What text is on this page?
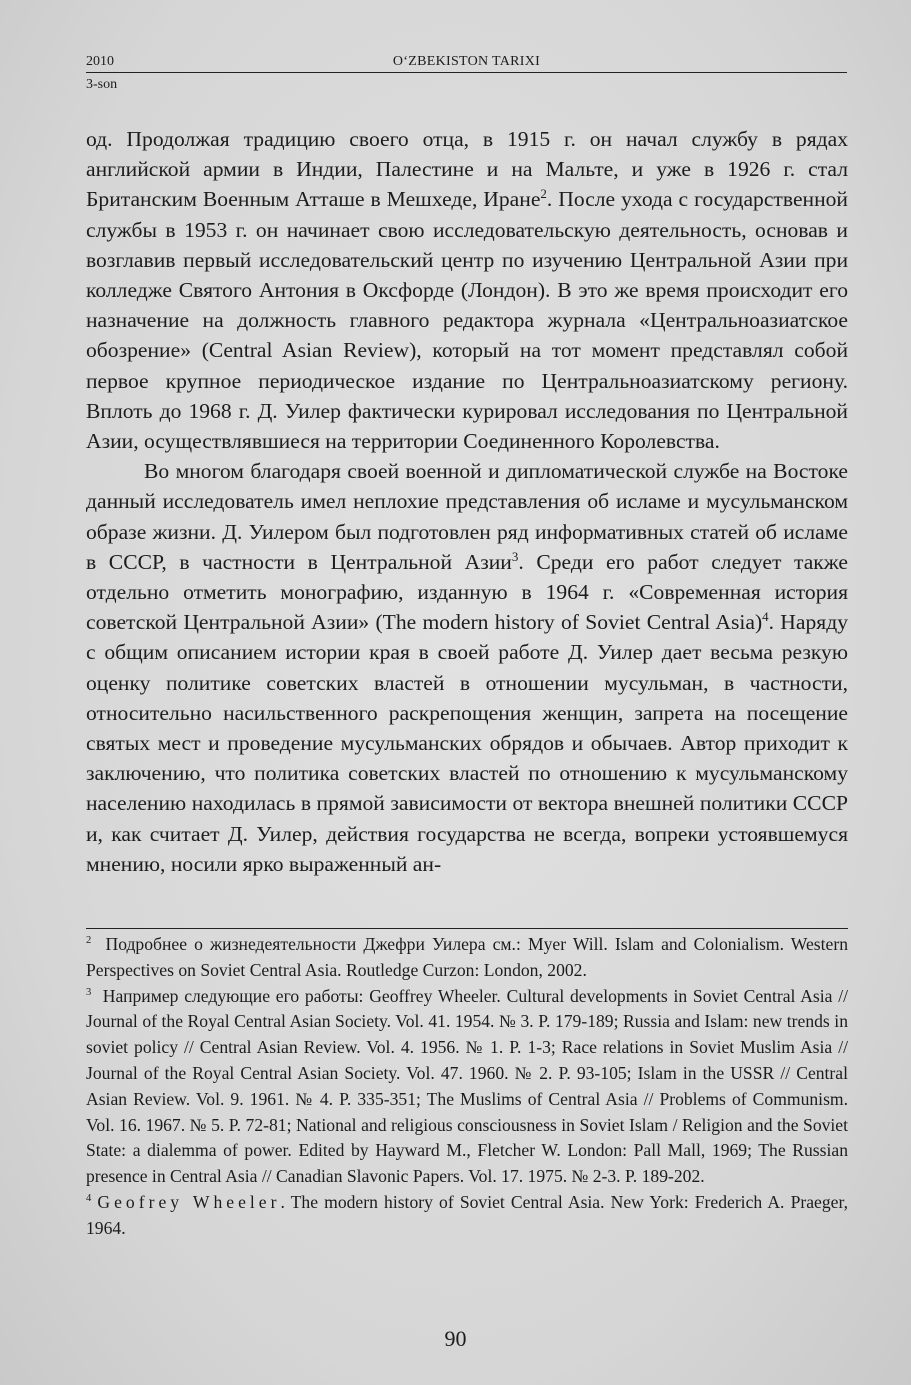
2010	O‘ZBEKISTON TARIXI
3-son

од. Продолжая традицию своего отца, в 1915 г. он начал службу в рядах английской армии в Индии, Палестине и на Мальте, и уже в 1926 г. стал Британским Военным Атташе в Мешхеде, Иране$^2$. После ухода с государственной службы в 1953 г. он начинает свою исследовательскую деятельность, основав и возглавив первый исследовательский центр по изучению Центральной Азии при колледже Святого Антония в Оксфорде (Лондон). В это же время происходит его назначение на должность главного редактора журнала «Центральноазиатское обозрение» (Central Asian Review), который на тот момент представлял собой первое крупное периодическое издание по Центральноазиатскому региону. Вплоть до 1968 г. Д. Уилер фактически курировал исследования по Центральной Азии, осуществлявшиеся на территории Соединенного Королевства.

Во многом благодаря своей военной и дипломатической службе на Востоке данный исследователь имел неплохие представления об исламе и мусульманском образе жизни. Д. Уилером был подготовлен ряд информативных статей об исламе в СССР, в частности в Центральной Азии$^3$. Среди его работ следует также отдельно отметить монографию, изданную в 1964 г. «Современная история советской Центральной Азии» (The modern history of Soviet Central Asia)$^4$. Наряду с общим описанием истории края в своей работе Д. Уилер дает весьма резкую оценку политике советских властей в отношении мусульман, в частности, относительно насильственного раскрепощения женщин, запрета на посещение святых мест и проведение мусульманских обрядов и обычаев. Автор приходит к заключению, что политика советских властей по отношению к мусульманскому населению находилась в прямой зависимости от вектора внешней политики СССР и, как считает Д. Уилер, действия государства не всегда, вопреки устоявшемуся мнению, носили ярко выраженный ан-

$^2$ Подробнее о жизнедеятельности Джефри Уилера см.: Myer Will. Islam and Colonialism. Western Perspectives on Soviet Central Asia. Routledge Curzon: London, 2002.

$^3$ Например следующие его работы: Geoffrey Wheeler. Cultural developments in Soviet Central Asia // Journal of the Royal Central Asian Society. Vol. 41. 1954. № 3. P. 179-189; Russia and Islam: new trends in soviet policy // Central Asian Review. Vol. 4. 1956. № 1. P. 1-3; Race relations in Soviet Muslim Asia // Journal of the Royal Central Asian Society. Vol. 47. 1960. № 2. P. 93-105; Islam in the USSR // Central Asian Review. Vol. 9. 1961. № 4. P. 335-351; The Muslims of Central Asia // Problems of Communism. Vol. 16. 1967. № 5. P. 72-81; National and religious consciousness in Soviet Islam / Religion and the Soviet State: a dialemma of power. Edited by Hayward M., Fletcher W. London: Pall Mall, 1969; The Russian presence in Central Asia // Canadian Slavonic Papers. Vol. 17. 1975. № 2-3. P. 189-202.

$^4$ Geofrey Wheeler. The modern history of Soviet Central Asia. New York: Frederich A. Praeger, 1964.

90
